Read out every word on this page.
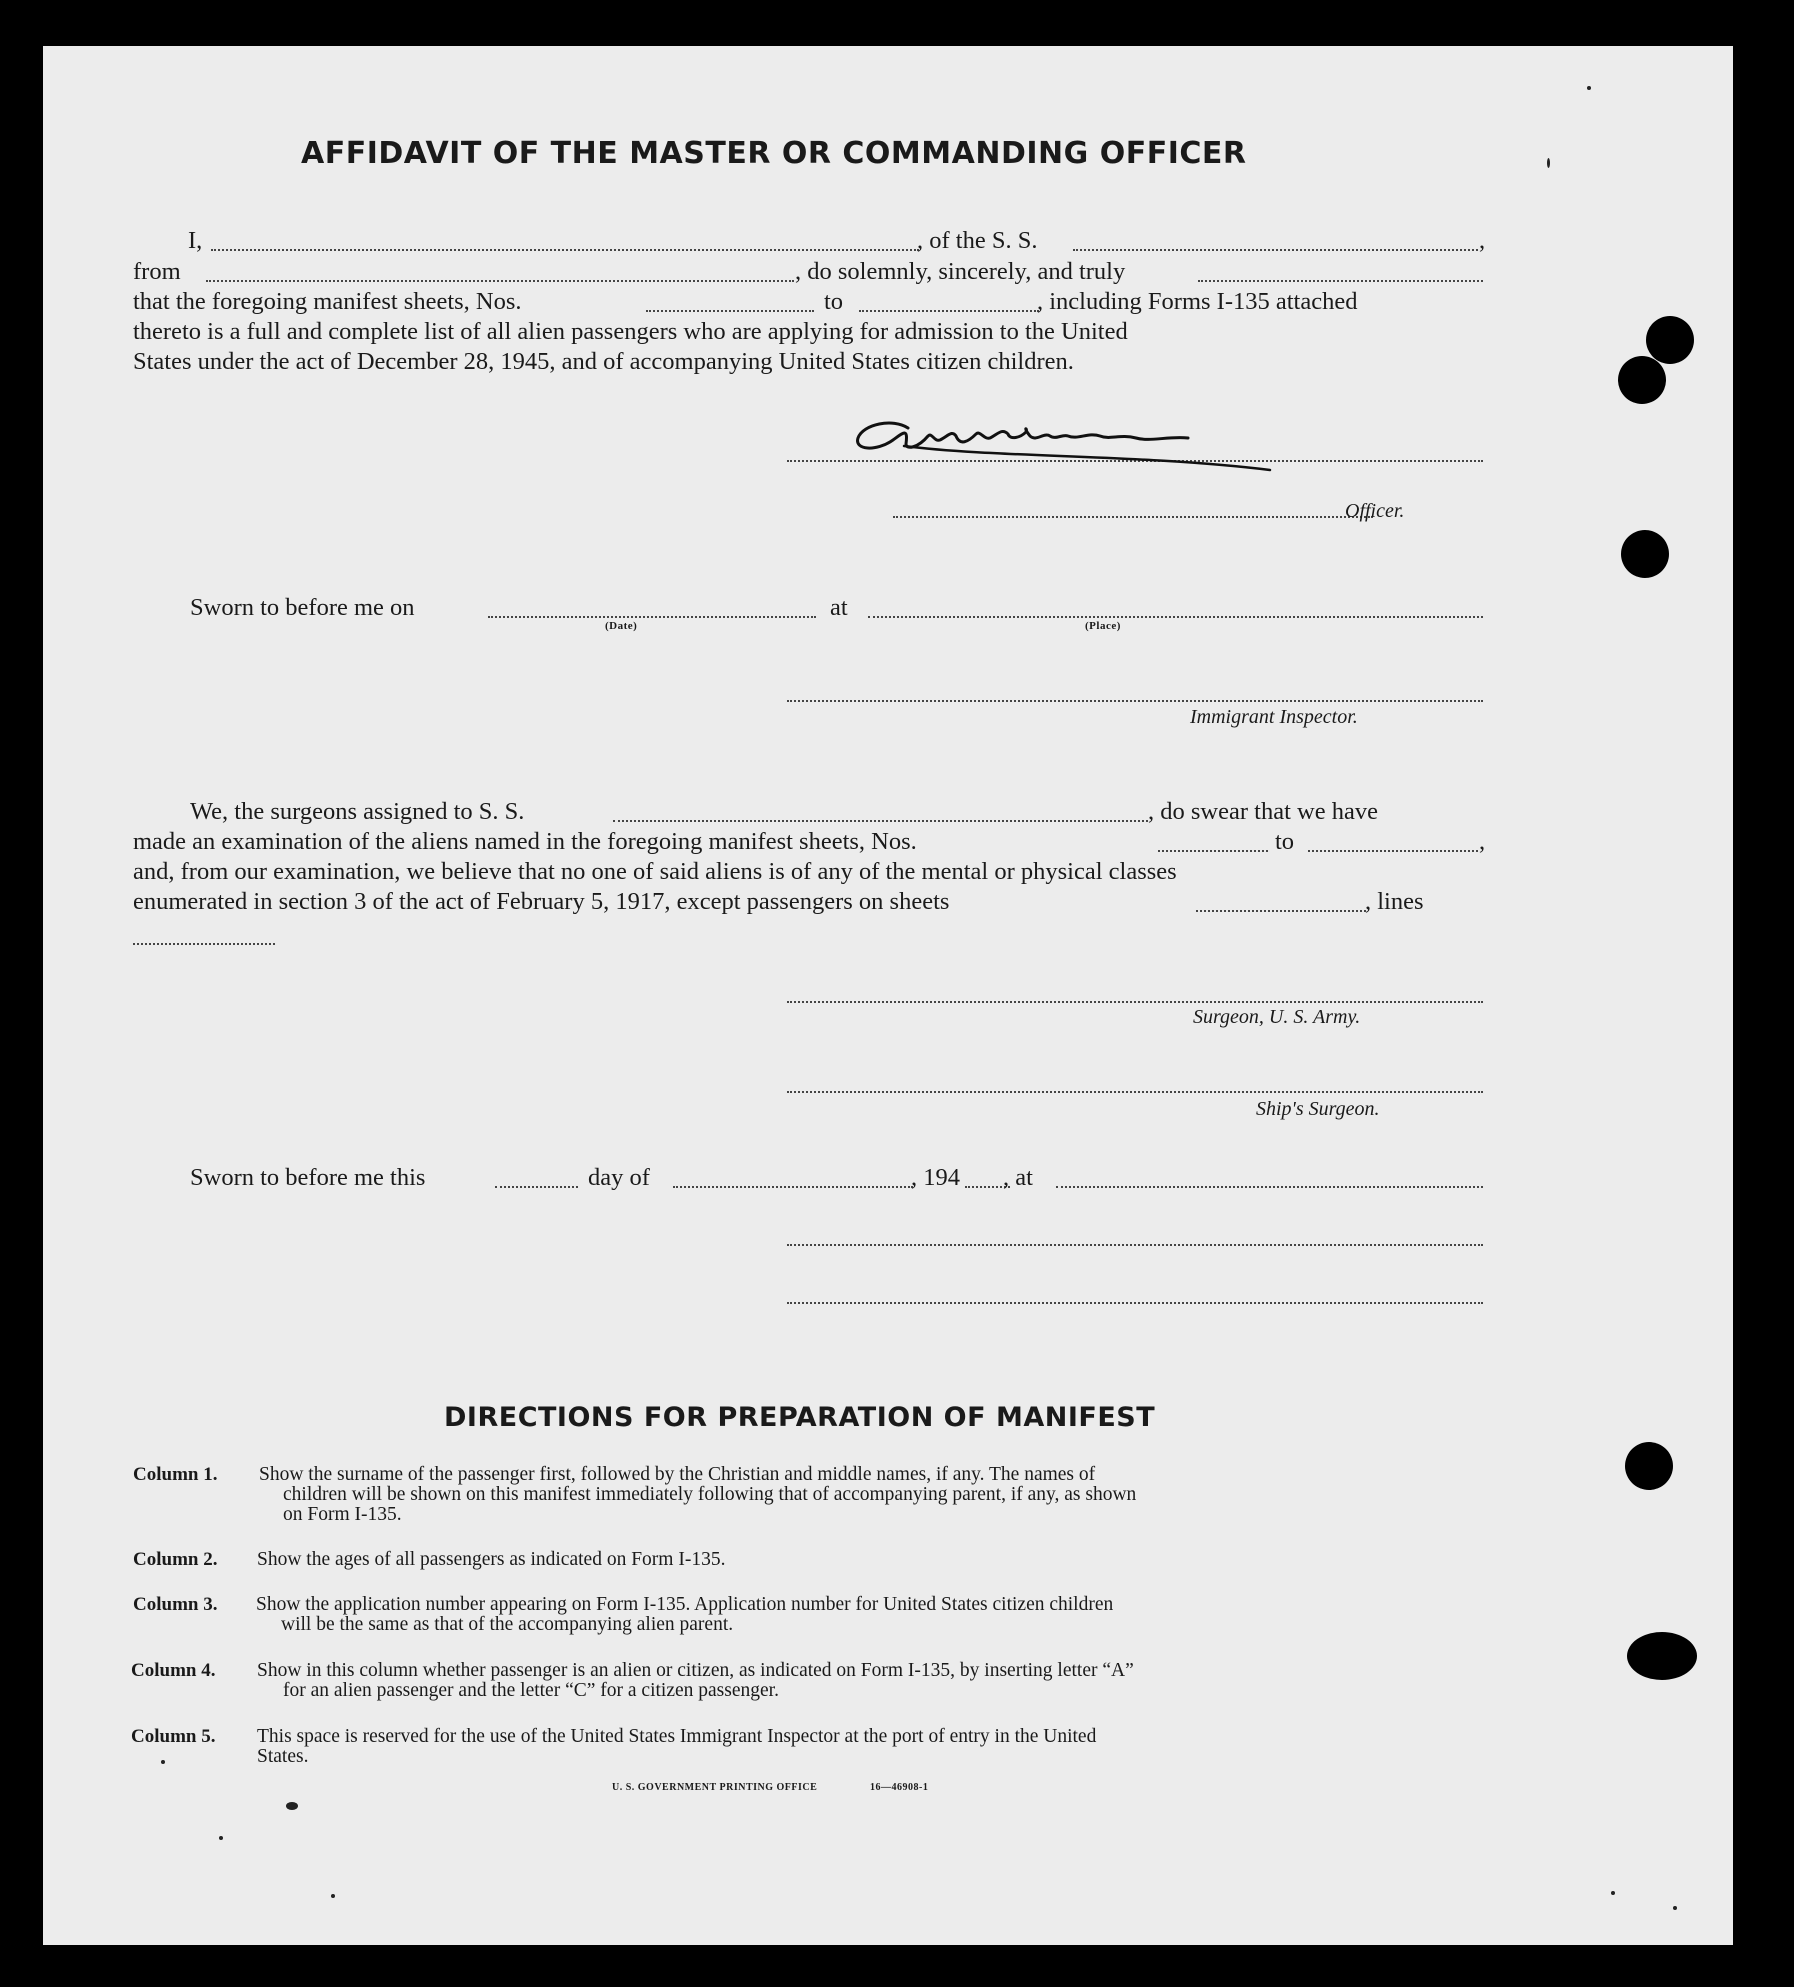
AFFIDAVIT OF THE MASTER OR COMMANDING OFFICER
I,	, of the S. S.	,
from	, do solemnly, sincerely, and truly
that the foregoing manifest sheets, Nos.	to	, including Forms I-135 attached
thereto is a full and complete list of all alien passengers who are applying for admission to the United
States under the act of December 28, 1945, and of accompanying United States citizen children.
Officer.
Sworn to before me on
(Date)
at
(Place)
Immigrant Inspector.
We, the surgeons assigned to S. S.	, do swear that we have
made an examination of the aliens named in the foregoing manifest sheets, Nos.	to	,
and, from our examination, we believe that no one of said aliens is of any of the mental or physical classes
enumerated in section 3 of the act of February 5, 1917, except passengers on sheets	, lines
Surgeon, U. S. Army.
Ship's Surgeon.
Sworn to before me this	day of	, 194 , at
DIRECTIONS FOR PREPARATION OF MANIFEST
Column 1. Show the surname of the passenger first, followed by the Christian and middle names, if any. The names of
children will be shown on this manifest immediately following that of accompanying parent, if any, as shown
on Form I-135.
Column 2. Show the ages of all passengers as indicated on Form I-135.
Column 3. Show the application number appearing on Form I-135. Application number for United States citizen children
will be the same as that of the accompanying alien parent.
Column 4. Show in this column whether passenger is an alien or citizen, as indicated on Form I-135, by inserting letter “A”
for an alien passenger and the letter “C” for a citizen passenger.
Column 5. This space is reserved for the use of the United States Immigrant Inspector at the port of entry in the United
States.
U. S. GOVERNMENT PRINTING OFFICE	16—46908-1
